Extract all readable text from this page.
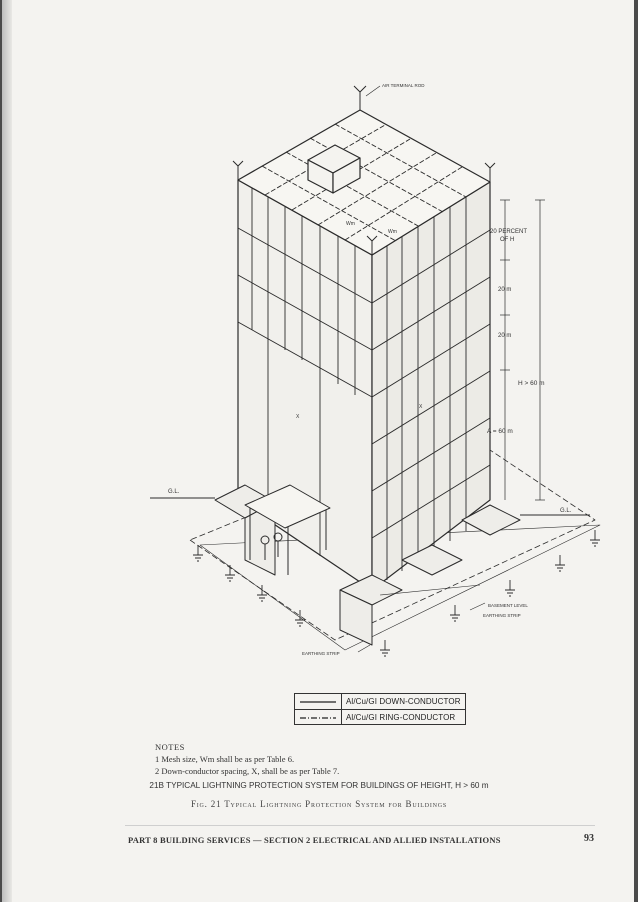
AIR TERMINAL ROD
20 PERCENT
OF H
20 m
20 m
H > 60 m
A = 60 m
G.L.
G.L.
BASEMENT LEVEL
EARTHING STRIP
EARTHING STRIP
Wm
Wm
X
X
Al/Cu/GI DOWN-CONDUCTOR
Al/Cu/GI RING-CONDUCTOR
NOTES
1 Mesh size, Wm shall be as per Table 6.
2 Down-conductor spacing, X, shall be as per Table 7.
21B TYPICAL LIGHTNING PROTECTION SYSTEM FOR BUILDINGS OF HEIGHT, H > 60 m
Fig. 21 Typical Lightning Protection System for Buildings
PART 8 BUILDING SERVICES — SECTION 2 ELECTRICAL AND ALLIED INSTALLATIONS	93
